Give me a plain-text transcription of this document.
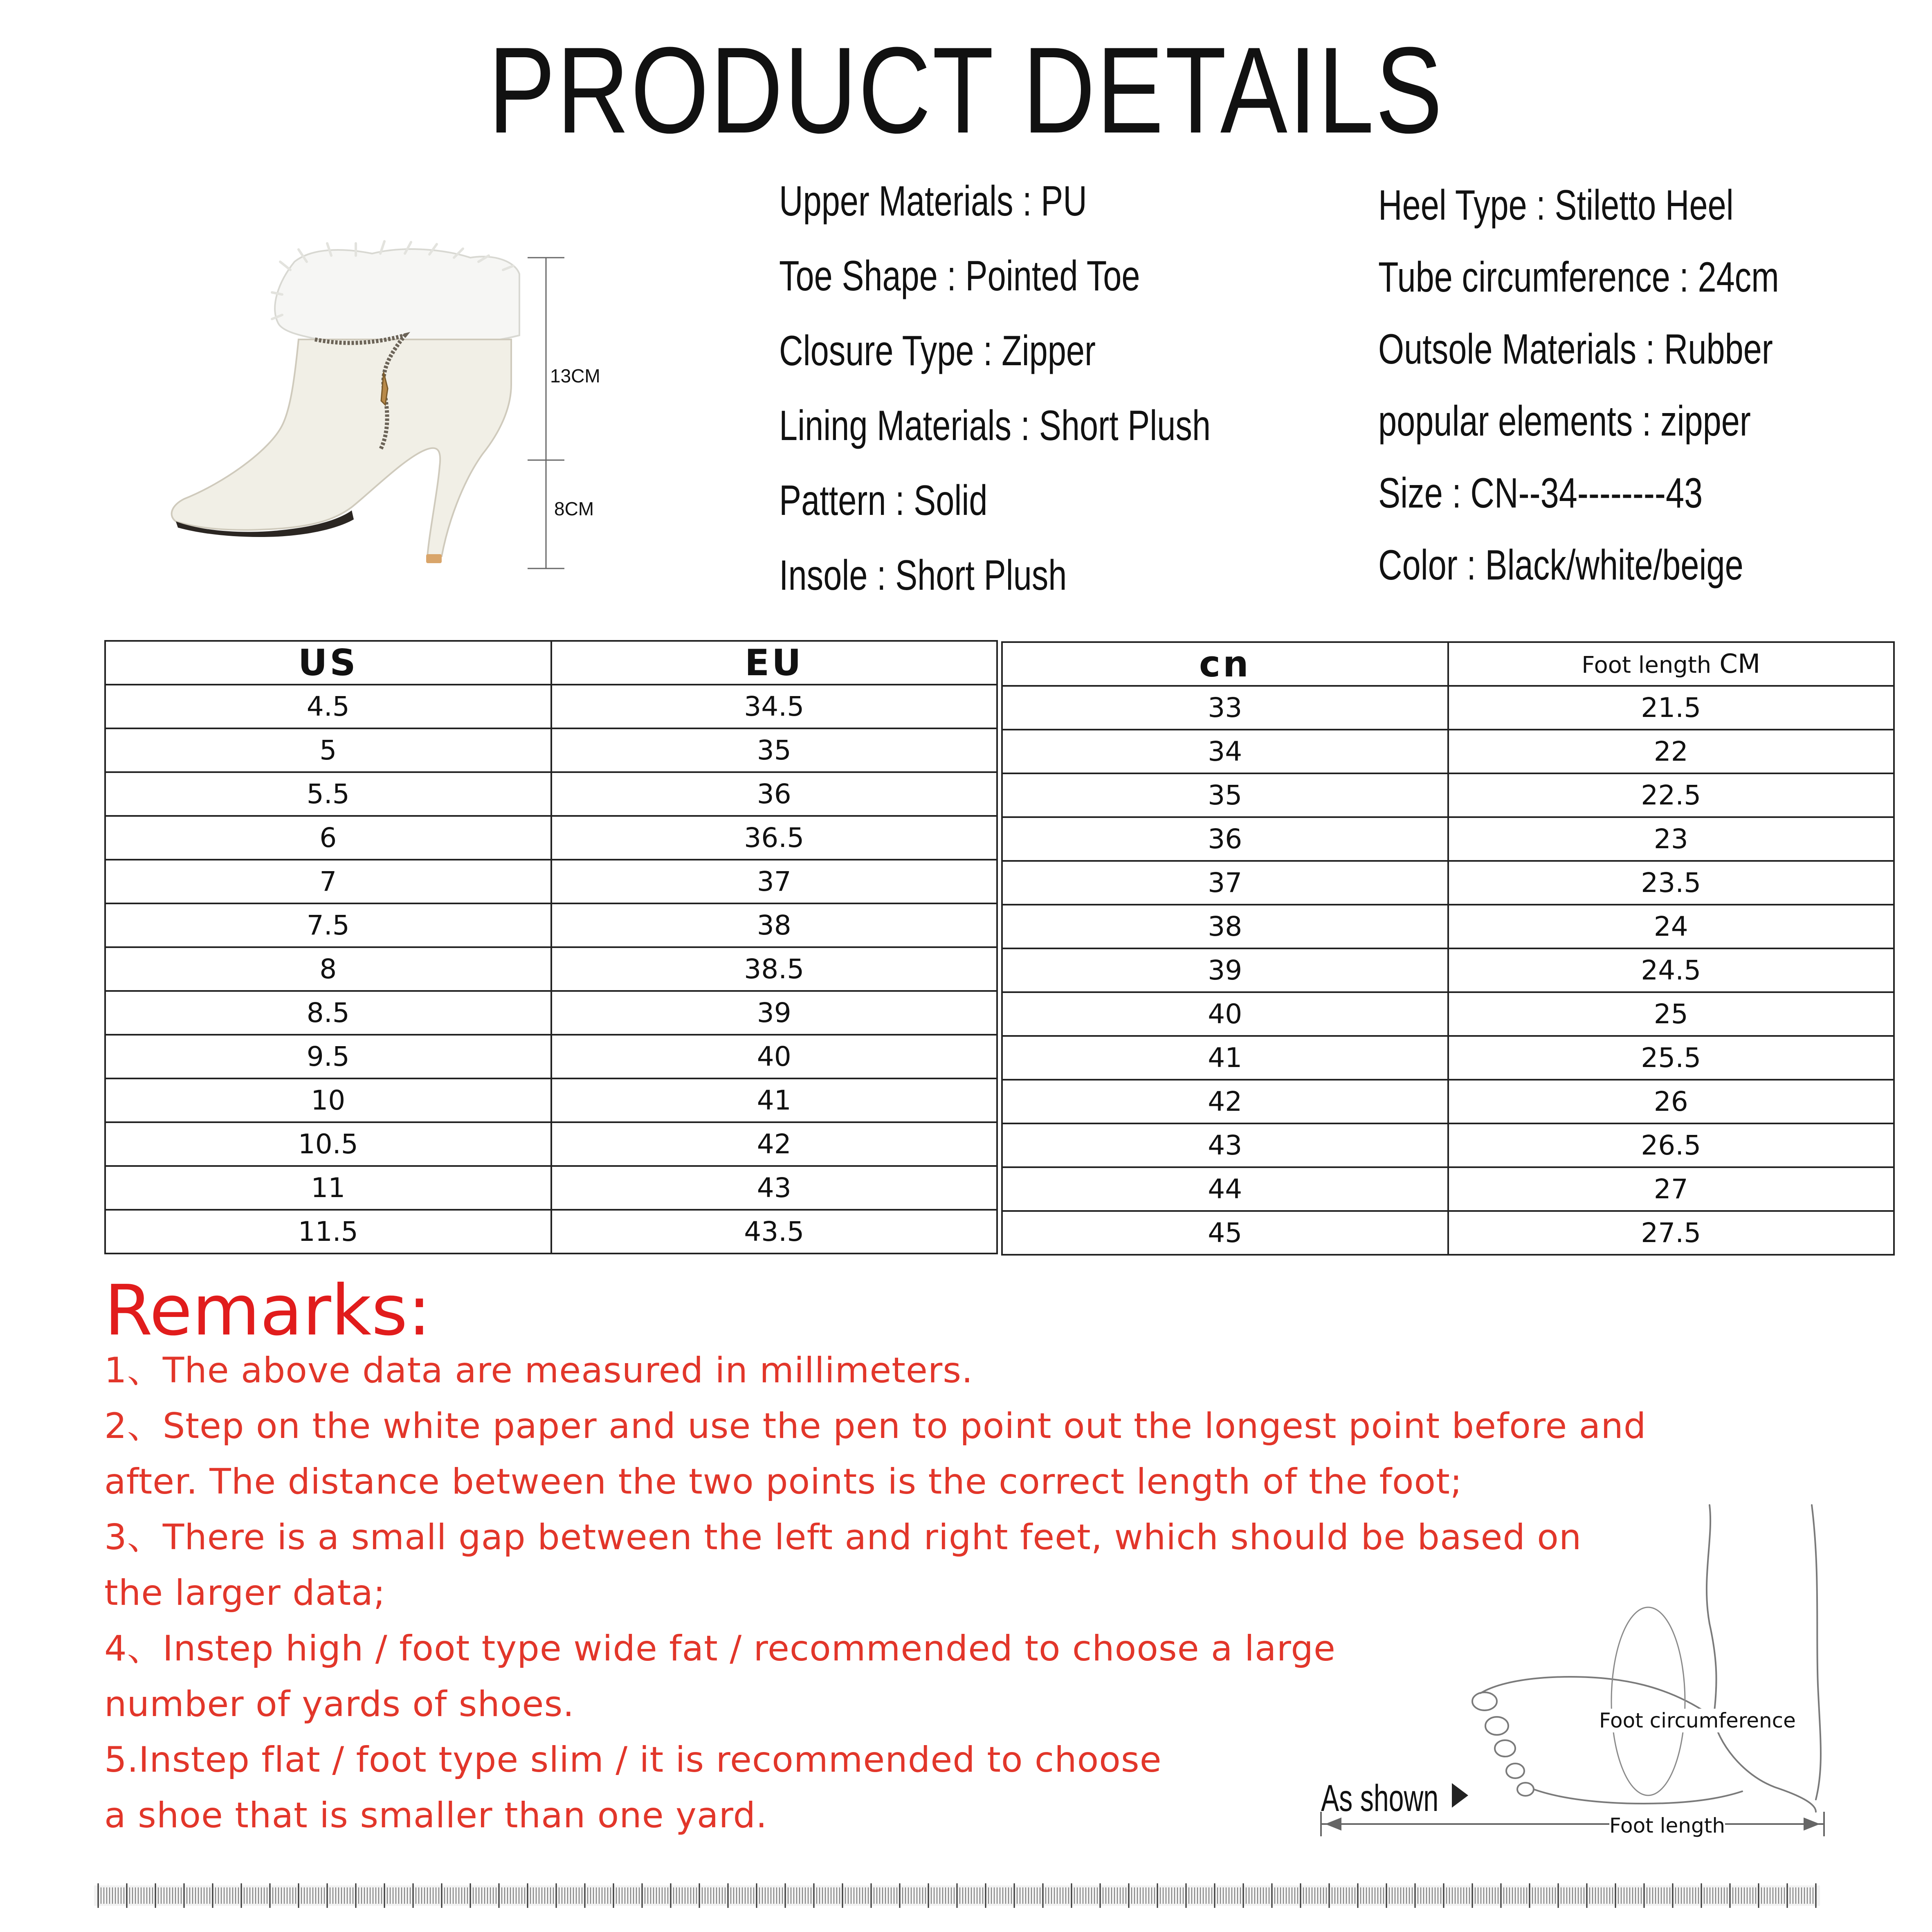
PRODUCT DETAILS
13CM
8CM
Upper Materials : PU
Toe Shape : Pointed Toe
Closure Type : Zipper
Lining Materials : Short Plush
Pattern : Solid
Insole : Short Plush
Heel Type : Stiletto Heel
Tube circumference : 24cm
Outsole Materials : Rubber
popular elements : zipper
Size : CN--34--------43
Color : Black/white/beige
US	EU
4.5	34.5
5	35
5.5	36
6	36.5
7	37
7.5	38
8	38.5
8.5	39
9.5	40
10	41
10.5	42
11	43
11.5	43.5
cn	Foot length CM
33	21.5
34	22
35	22.5
36	23
37	23.5
38	24
39	24.5
40	25
41	25.5
42	26
43	26.5
44	27
45	27.5
Remarks:
1、The above data are measured in millimeters.
2、Step on the white paper and use the pen to point out the longest point before and
after. The distance between the two points is the correct length of the foot;
3、There is a small gap between the left and right feet, which should be based on
the larger data;
4、Instep high / foot type wide fat / recommended to choose a large
number of yards of shoes.
5.Instep flat / foot type slim / it is recommended to choose
a shoe that is smaller than one yard.
Foot circumference
Foot length
As shown
